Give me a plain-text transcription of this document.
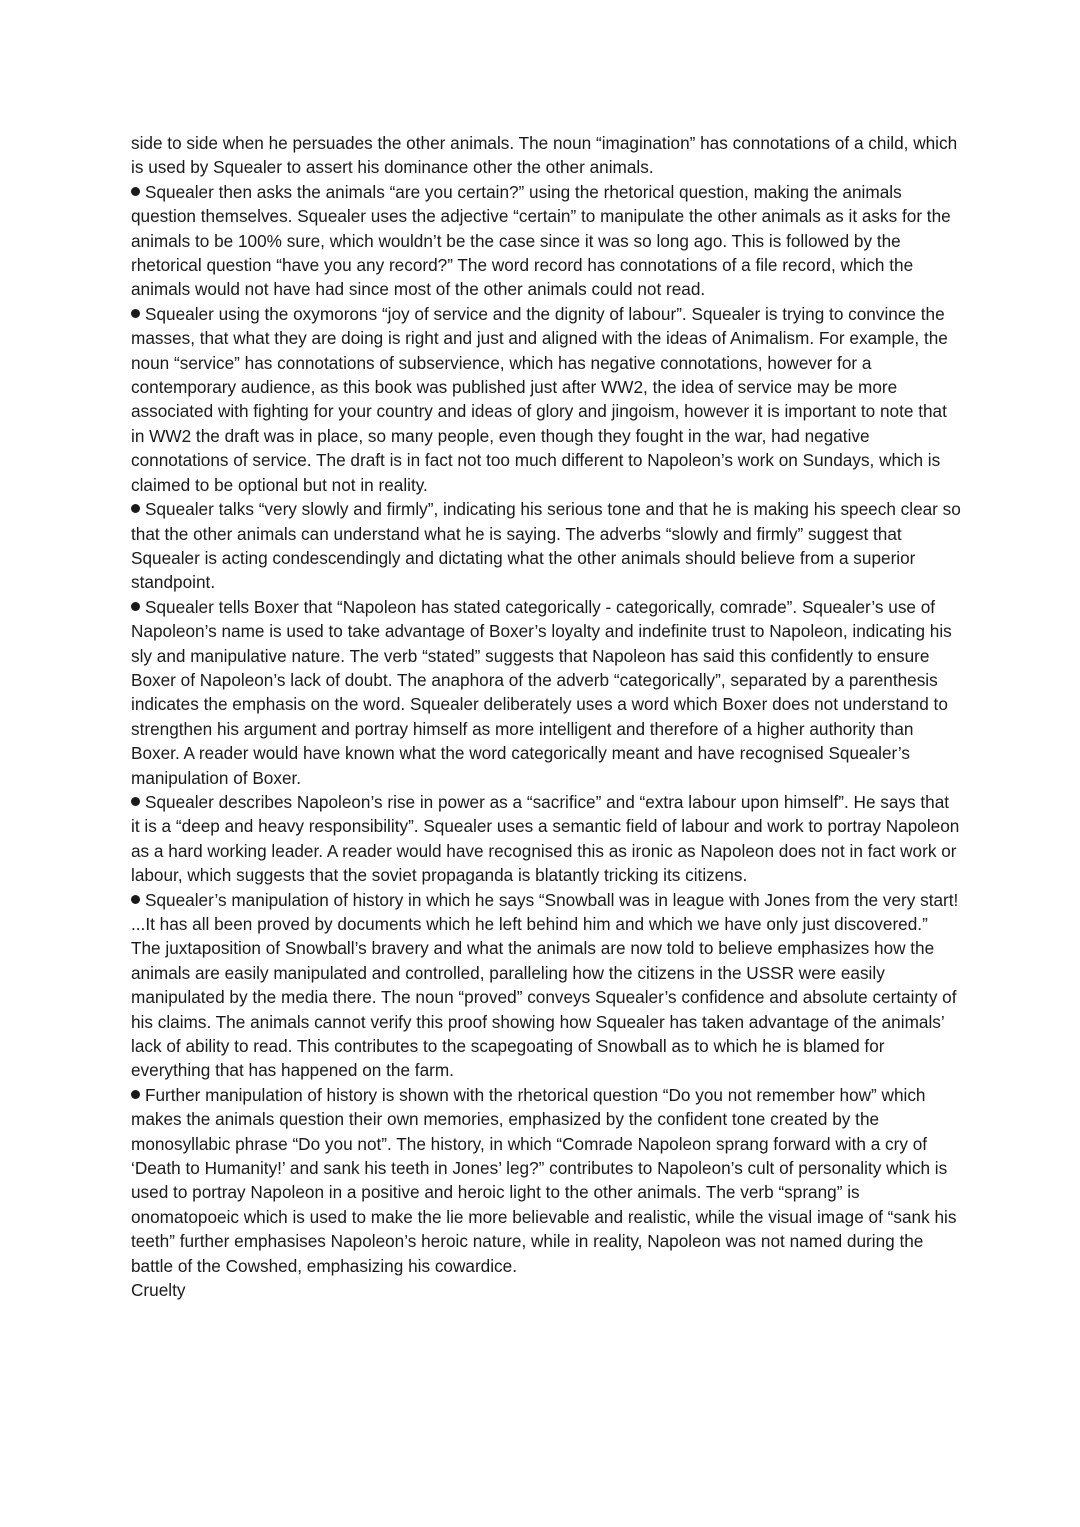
side to side when he persuades the other animals. The noun “imagination” has connotations of a child, which is used by Squealer to assert his dominance other the other animals.

Squealer then asks the animals “are you certain?” using the rhetorical question, making the animals question themselves. Squealer uses the adjective “certain” to manipulate the other animals as it asks for the animals to be 100% sure, which wouldn’t be the case since it was so long ago. This is followed by the rhetorical question “have you any record?” The word record has connotations of a file record, which the animals would not have had since most of the other animals could not read.

Squealer using the oxymorons “joy of service and the dignity of labour”. Squealer is trying to convince the masses, that what they are doing is right and just and aligned with the ideas of Animalism. For example, the noun “service” has connotations of subservience, which has negative connotations, however for a contemporary audience, as this book was published just after WW2, the idea of service may be more associated with fighting for your country and ideas of glory and jingoism, however it is important to note that in WW2 the draft was in place, so many people, even though they fought in the war, had negative connotations of service. The draft is in fact not too much different to Napoleon’s work on Sundays, which is claimed to be optional but not in reality.

Squealer talks “very slowly and firmly”, indicating his serious tone and that he is making his speech clear so that the other animals can understand what he is saying. The adverbs “slowly and firmly” suggest that Squealer is acting condescendingly and dictating what the other animals should believe from a superior standpoint.

Squealer tells Boxer that “Napoleon has stated categorically - categorically, comrade”. Squealer’s use of Napoleon’s name is used to take advantage of Boxer’s loyalty and indefinite trust to Napoleon, indicating his sly and manipulative nature. The verb “stated” suggests that Napoleon has said this confidently to ensure Boxer of Napoleon’s lack of doubt. The anaphora of the adverb “categorically”, separated by a parenthesis indicates the emphasis on the word. Squealer deliberately uses a word which Boxer does not understand to strengthen his argument and portray himself as more intelligent and therefore of a higher authority than Boxer. A reader would have known what the word categorically meant and have recognised Squealer’s manipulation of Boxer.

Squealer describes Napoleon’s rise in power as a “sacrifice” and “extra labour upon himself”. He says that it is a “deep and heavy responsibility”. Squealer uses a semantic field of labour and work to portray Napoleon as a hard working leader. A reader would have recognised this as ironic as Napoleon does not in fact work or labour, which suggests that the soviet propaganda is blatantly tricking its citizens.

Squealer’s manipulation of history in which he says “Snowball was in league with Jones from the very start! ...It has all been proved by documents which he left behind him and which we have only just discovered.” The juxtaposition of Snowball’s bravery and what the animals are now told to believe emphasizes how the animals are easily manipulated and controlled, paralleling how the citizens in the USSR were easily manipulated by the media there. The noun “proved” conveys Squealer’s confidence and absolute certainty of his claims. The animals cannot verify this proof showing how Squealer has taken advantage of the animals’ lack of ability to read. This contributes to the scapegoating of Snowball as to which he is blamed for everything that has happened on the farm.

Further manipulation of history is shown with the rhetorical question “Do you not remember how” which makes the animals question their own memories, emphasized by the confident tone created by the monosyllabic phrase “Do you not”. The history, in which “Comrade Napoleon sprang forward with a cry of ‘Death to Humanity!’ and sank his teeth in Jones’ leg?” contributes to Napoleon’s cult of personality which is used to portray Napoleon in a positive and heroic light to the other animals. The verb “sprang” is onomatopoeic which is used to make the lie more believable and realistic, while the visual image of “sank his teeth” further emphasises Napoleon’s heroic nature, while in reality, Napoleon was not named during the battle of the Cowshed, emphasizing his cowardice.

Cruelty
